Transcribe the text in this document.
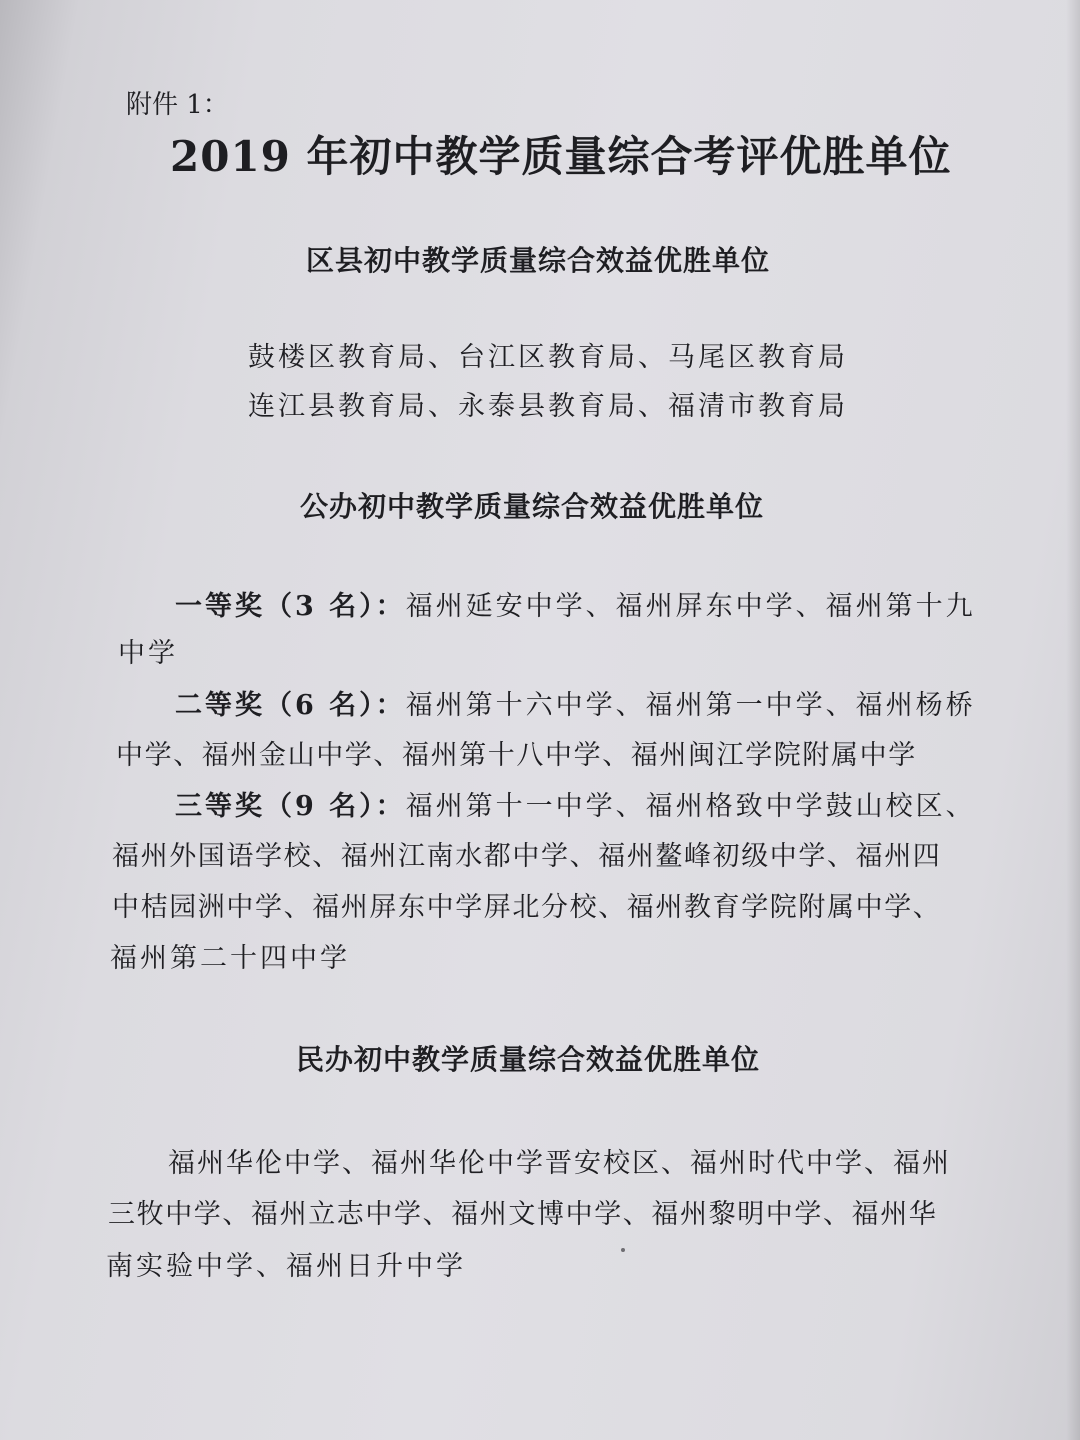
附件 1：

2019 年初中教学质量综合考评优胜单位
区县初中教学质量综合效益优胜单位

鼓楼区教育局、台江区教育局、马尾区教育局

连江县教育局、永泰县教育局、福清市教育局

公办初中教学质量综合效益优胜单位

一等奖（3 名）：福州延安中学、福州屏东中学、福州第十九

中学

二等奖（6 名）：福州第十六中学、福州第一中学、福州杨桥

中学、福州金山中学、福州第十八中学、福州闽江学院附属中学

三等奖（9 名）：福州第十一中学、福州格致中学鼓山校区、

福州外国语学校、福州江南水都中学、福州鳌峰初级中学、福州四

中桔园洲中学、福州屏东中学屏北分校、福州教育学院附属中学、

福州第二十四中学

民办初中教学质量综合效益优胜单位

福州华伦中学、福州华伦中学晋安校区、福州时代中学、福州

三牧中学、福州立志中学、福州文博中学、福州黎明中学、福州华

南实验中学、福州日升中学
